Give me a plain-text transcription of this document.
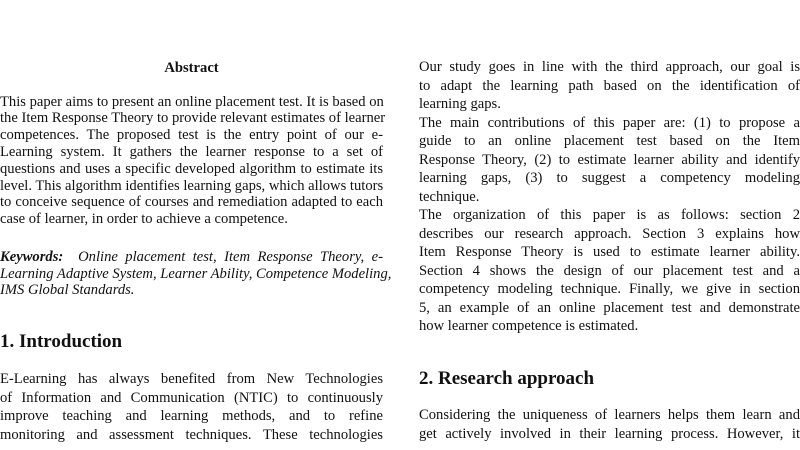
Abstract
This paper aims to present an online placement test. It is based on
the Item Response Theory to provide relevant estimates of learner
competences. The proposed test is the entry point of our e-
Learning system. It gathers the learner response to a set of
questions and uses a specific developed algorithm to estimate its
level. This algorithm identifies learning gaps, which allows tutors
to conceive sequence of courses and remediation adapted to each
case of learner, in order to achieve a competence.
Keywords: Online placement test, Item Response Theory, e-
Learning Adaptive System, Learner Ability, Competence Modeling,
IMS Global Standards.
1. Introduction
E-Learning has always benefited from New Technologies
of Information and Communication (NTIC) to continuously
improve teaching and learning methods, and to refine
monitoring and assessment techniques. These technologies
Our study goes in line with the third approach, our goal is
to adapt the learning path based on the identification of
learning gaps.
The main contributions of this paper are: (1) to propose a
guide to an online placement test based on the Item
Response Theory, (2) to estimate learner ability and identify
learning gaps, (3) to suggest a competency modeling
technique.
The organization of this paper is as follows: section 2
describes our research approach. Section 3 explains how
Item Response Theory is used to estimate learner ability.
Section 4 shows the design of our placement test and a
competency modeling technique. Finally, we give in section
5, an example of an online placement test and demonstrate
how learner competence is estimated.
2. Research approach
Considering the uniqueness of learners helps them learn and
get actively involved in their learning process. However, it
